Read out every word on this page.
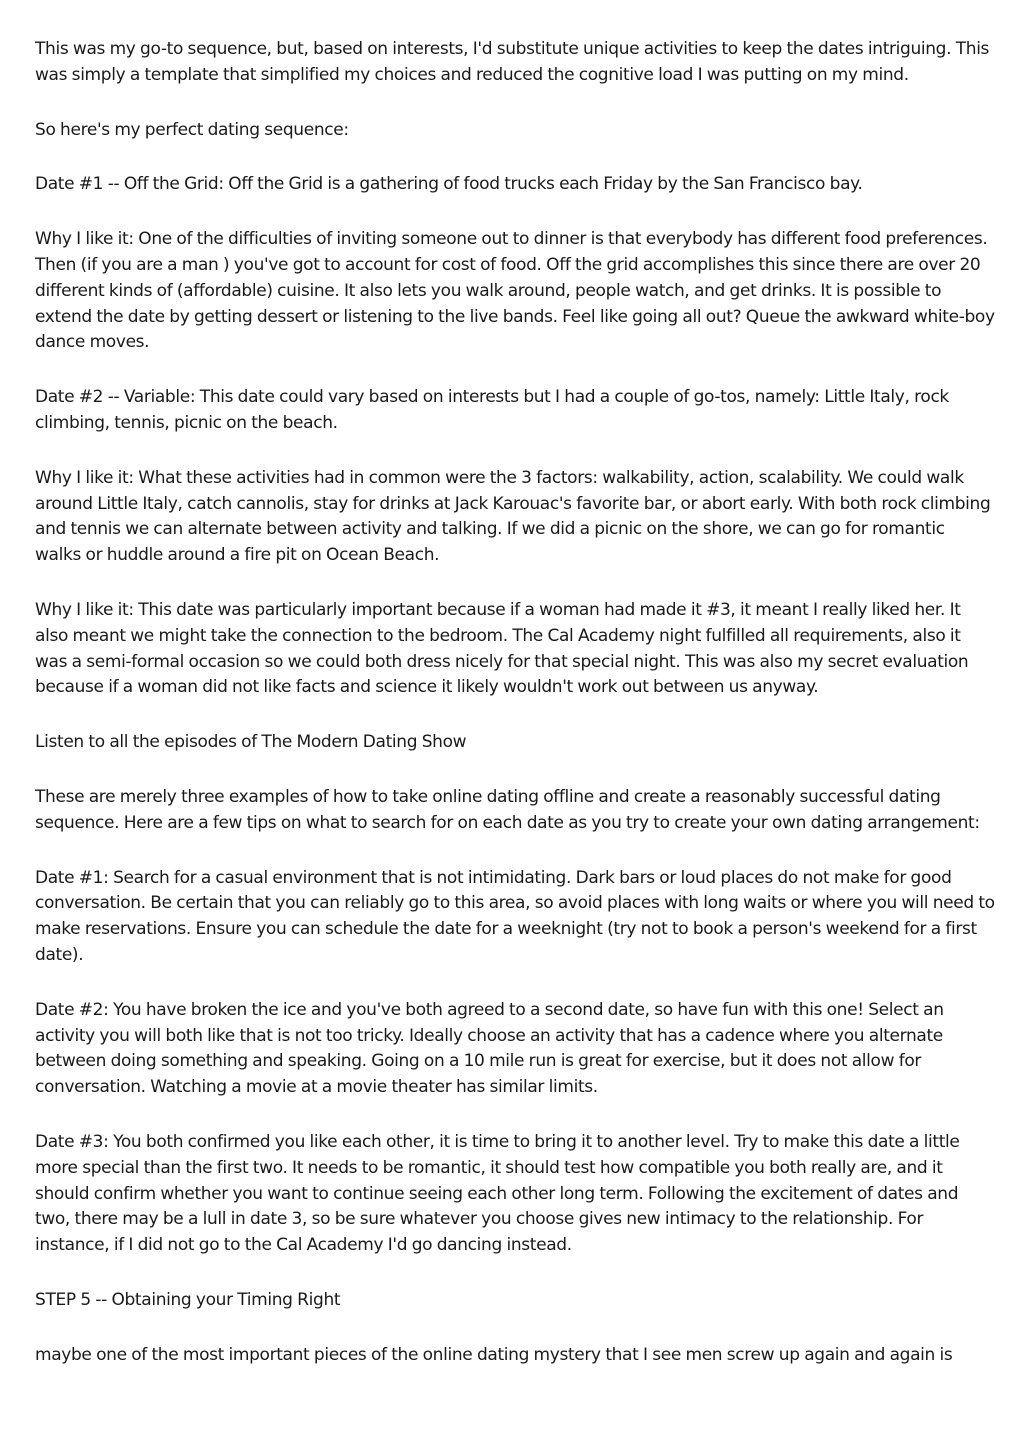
This was my go-to sequence, but, based on interests, I'd substitute unique activities to keep the dates intriguing. This was simply a template that simplified my choices and reduced the cognitive load I was putting on my mind.

So here's my perfect dating sequence:

Date #1 -- Off the Grid: Off the Grid is a gathering of food trucks each Friday by the San Francisco bay.

Why I like it: One of the difficulties of inviting someone out to dinner is that everybody has different food preferences. Then (if you are a man ) you've got to account for cost of food. Off the grid accomplishes this since there are over 20 different kinds of (affordable) cuisine. It also lets you walk around, people watch, and get drinks. It is possible to extend the date by getting dessert or listening to the live bands. Feel like going all out? Queue the awkward white-boy dance moves.

Date #2 -- Variable: This date could vary based on interests but I had a couple of go-tos, namely: Little Italy, rock climbing, tennis, picnic on the beach.

Why I like it: What these activities had in common were the 3 factors: walkability, action, scalability. We could walk around Little Italy, catch cannolis, stay for drinks at Jack Karouac's favorite bar, or abort early. With both rock climbing and tennis we can alternate between activity and talking. If we did a picnic on the shore, we can go for romantic walks or huddle around a fire pit on Ocean Beach.

Why I like it: This date was particularly important because if a woman had made it #3, it meant I really liked her. It also meant we might take the connection to the bedroom. The Cal Academy night fulfilled all requirements, also it was a semi-formal occasion so we could both dress nicely for that special night. This was also my secret evaluation because if a woman did not like facts and science it likely wouldn't work out between us anyway.

Listen to all the episodes of The Modern Dating Show

These are merely three examples of how to take online dating offline and create a reasonably successful dating sequence. Here are a few tips on what to search for on each date as you try to create your own dating arrangement:

Date #1: Search for a casual environment that is not intimidating. Dark bars or loud places do not make for good conversation. Be certain that you can reliably go to this area, so avoid places with long waits or where you will need to make reservations. Ensure you can schedule the date for a weeknight (try not to book a person's weekend for a first date).

Date #2: You have broken the ice and you've both agreed to a second date, so have fun with this one! Select an activity you will both like that is not too tricky. Ideally choose an activity that has a cadence where you alternate between doing something and speaking. Going on a 10 mile run is great for exercise, but it does not allow for conversation. Watching a movie at a movie theater has similar limits.

Date #3: You both confirmed you like each other, it is time to bring it to another level. Try to make this date a little more special than the first two. It needs to be romantic, it should test how compatible you both really are, and it should confirm whether you want to continue seeing each other long term. Following the excitement of dates and two, there may be a lull in date 3, so be sure whatever you choose gives new intimacy to the relationship. For instance, if I did not go to the Cal Academy I'd go dancing instead.

STEP 5 -- Obtaining your Timing Right

maybe one of the most important pieces of the online dating mystery that I see men screw up again and again is
